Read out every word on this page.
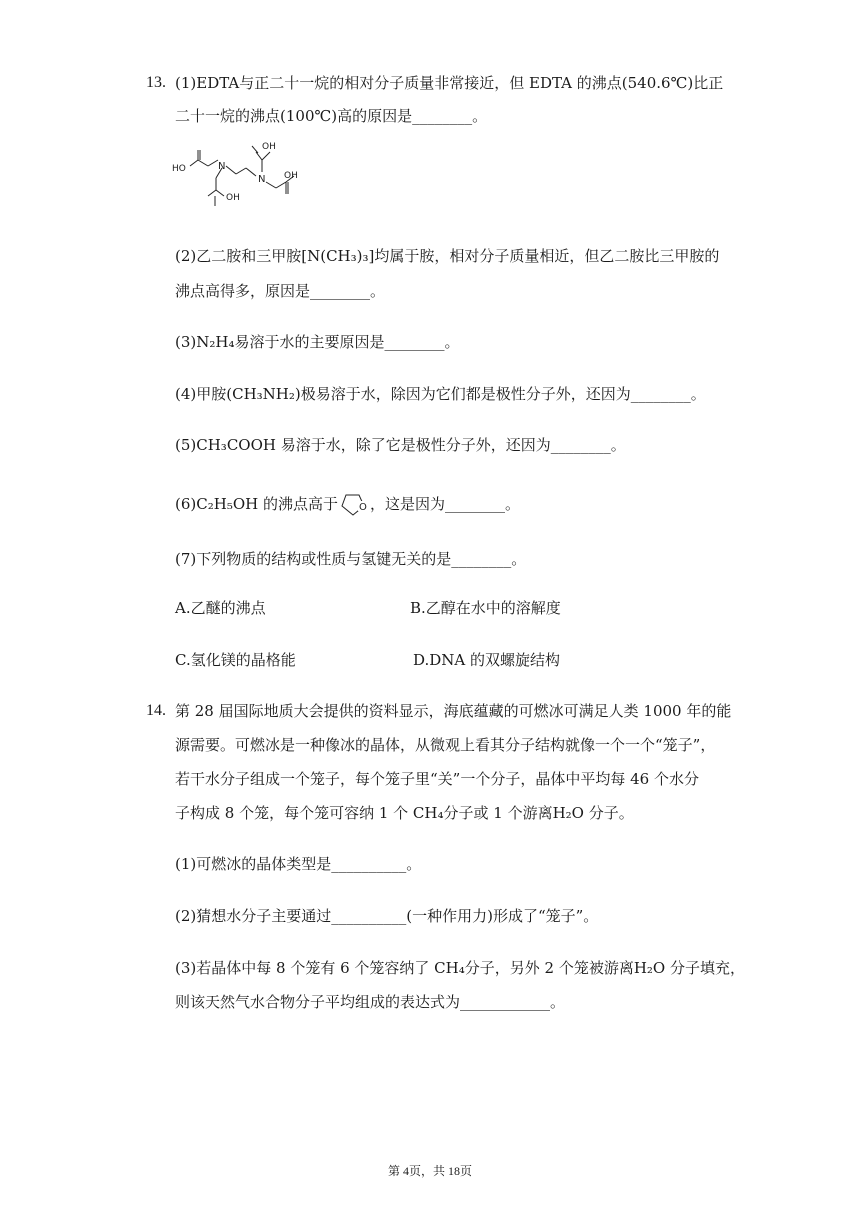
13. (1)EDTA与正二十一烷的相对分子质量非常接近，但 EDTA 的沸点(540.6℃)比正
二十一烷的沸点(100℃)高的原因是________。
OH
HO	N
N
OH
OH
(2)乙二胺和三甲胺[N(CH₃)₃]均属于胺，相对分子质量相近，但乙二胺比三甲胺的
沸点高得多，原因是________。
(3)N₂H₄易溶于水的主要原因是________。
(4)甲胺(CH₃NH₂)极易溶于水，除因为它们都是极性分子外，还因为________。
(5)CH₃COOH 易溶于水，除了它是极性分子外，还因为________。
(6)C₂H₅OH 的沸点高于 O ，这是因为________。
(7)下列物质的结构或性质与氢键无关的是________。
A.乙醚的沸点	B.乙醇在水中的溶解度
C.氢化镁的晶格能	D.DNA 的双螺旋结构
14. 第 28 届国际地质大会提供的资料显示，海底蕴藏的可燃冰可满足人类 1000 年的能
源需要。可燃冰是一种像冰的晶体，从微观上看其分子结构就像一个一个“笼子”，
若干水分子组成一个笼子，每个笼子里“关”一个分子，晶体中平均每 46 个水分
子构成 8 个笼，每个笼可容纳 1 个 CH₄分子或 1 个游离H₂O 分子。
(1)可燃冰的晶体类型是__________。
(2)猜想水分子主要通过__________(一种作用力)形成了“笼子”。
(3)若晶体中每 8 个笼有 6 个笼容纳了 CH₄分子，另外 2 个笼被游离H₂O 分子填充，
则该天然气水合物分子平均组成的表达式为____________。
第 4页，共 18页
